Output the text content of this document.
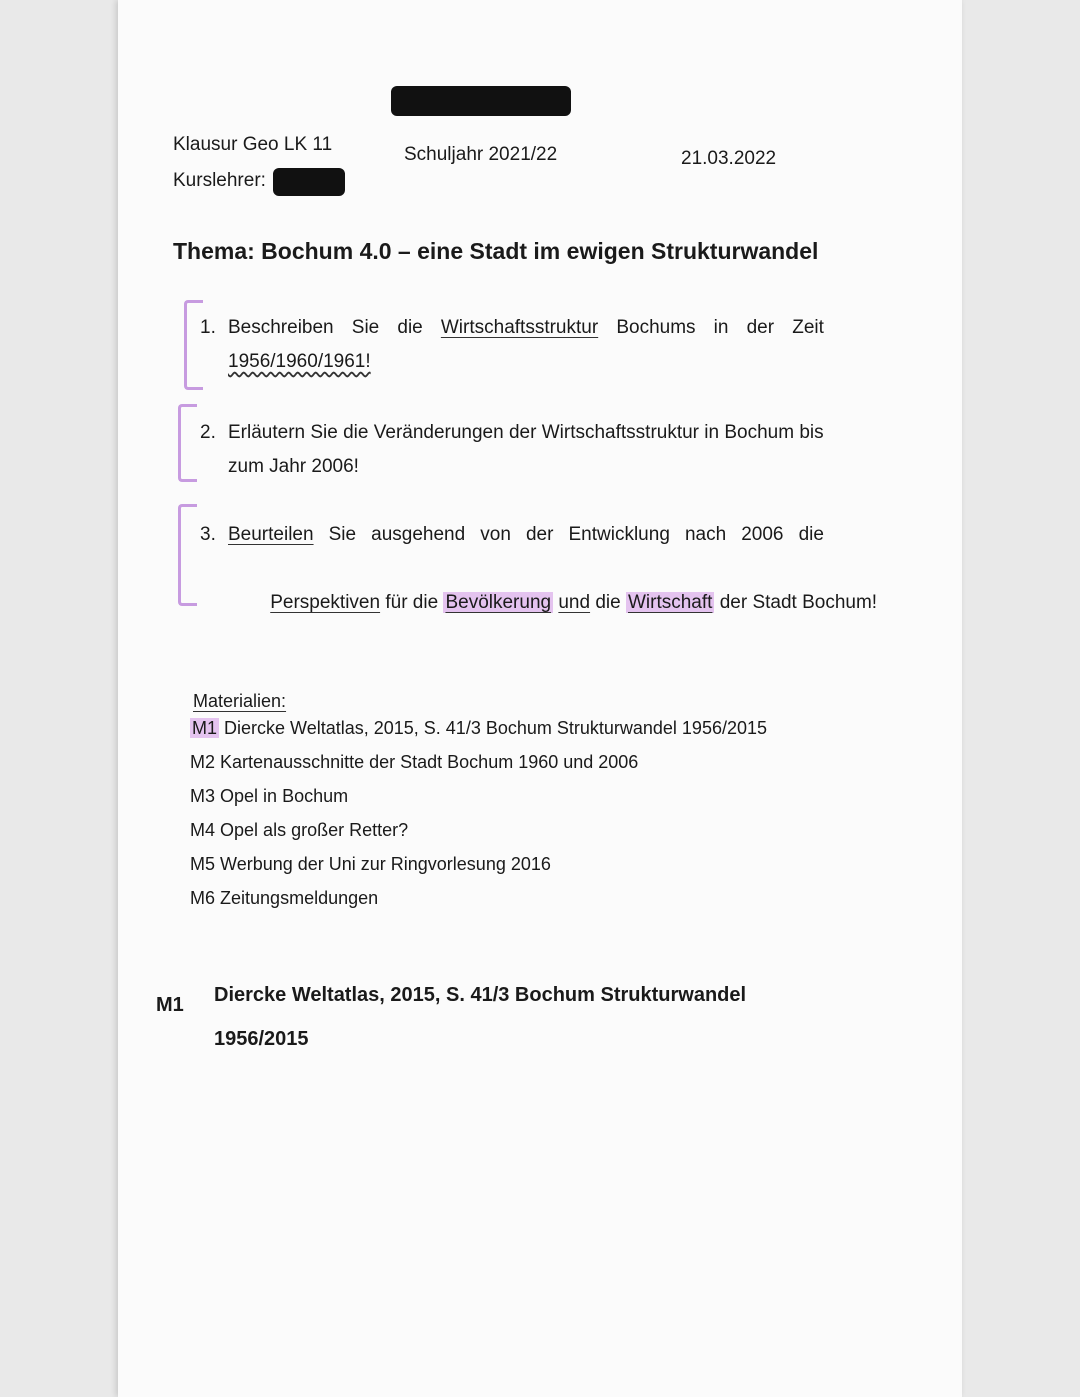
Klausur Geo LK 11
Kurslehrer:
Schuljahr 2021/22	21.03.2022
Thema: Bochum 4.0 – eine Stadt im ewigen Strukturwandel
1. Beschreiben Sie die Wirtschaftsstruktur Bochums in der Zeit
1956/1960/1961!
2. Erläutern Sie die Veränderungen der Wirtschaftsstruktur in Bochum bis
zum Jahr 2006!
3. Beurteilen Sie ausgehend von der Entwicklung nach 2006 die

Perspektiven für die Bevölkerung und die Wirtschaft der Stadt Bochum!

Materialien:
M1 Diercke Weltatlas, 2015, S. 41/3 Bochum Strukturwandel 1956/2015
M2 Kartenausschnitte der Stadt Bochum 1960 und 2006
M3 Opel in Bochum
M4 Opel als großer Retter?
M5 Werbung der Uni zur Ringvorlesung 2016
M6 Zeitungsmeldungen
M1 Diercke Weltatlas, 2015, S. 41/3 Bochum Strukturwandel
1956/2015
